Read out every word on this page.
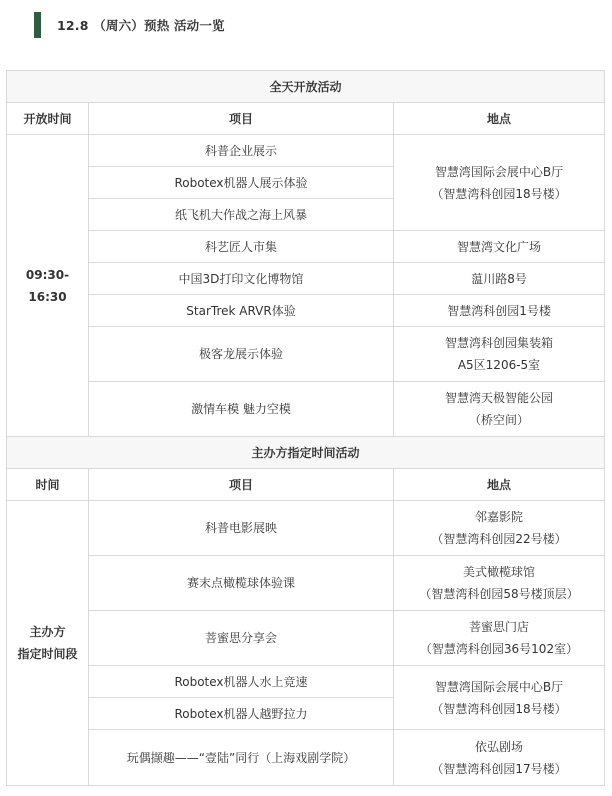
12.8 （周六）预热 活动一览
全天开放活动		
开放时间	项目	地点

09:30-
16:30	科普企业展示	智慧湾国际会展中心B厅
（智慧湾科创园18号楼）

	Robotex机器人展示体验	
	纸飞机大作战之海上风暴	
	科艺匠人市集	智慧湾文化广场
	中国3D打印文化博物馆	蕰川路8号
	StarTrek ARVR体验	智慧湾科创园1号楼
	极客龙展示体验	智慧湾科创园集装箱
A5区1206-5室

	激情车模 魅力空模	智慧湾天极智能公园
（桥空间）

主办方指定时间活动		
时间	项目	地点

主办方
指定时间段	科普电影展映	邻嘉影院
（智慧湾科创园22号楼）

	赛末点橄榄球体验课	美式橄榄球馆
（智慧湾科创园58号楼顶层）

	菩蜜思分享会	菩蜜思门店
（智慧湾科创园36号102室）

	Robotex机器人水上竞速	智慧湾国际会展中心B厅
（智慧湾科创园18号楼）

	Robotex机器人越野拉力	
	玩偶撷趣——“壹陆”同行（上海戏剧学院）	依弘剧场
（智慧湾科创园17号楼）
